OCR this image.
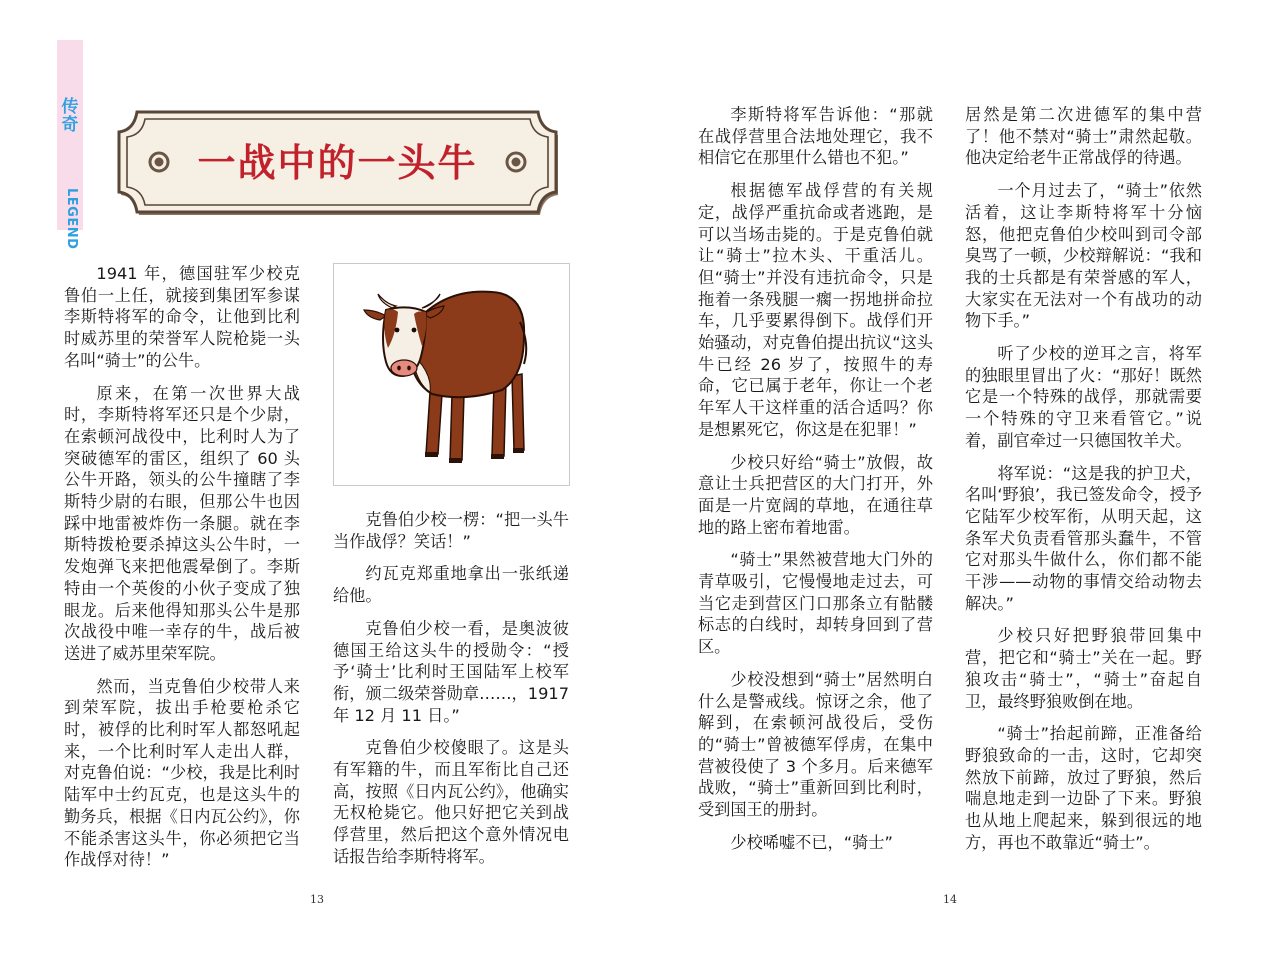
传奇
LEGEND
一战中的一头牛

1941 年，德国驻军少校克鲁伯一上任，就接到集团军参谋李斯特将军的命令，让他到比利时威苏里的荣誉军人院枪毙一头名叫“骑士”的公牛。

原来，在第一次世界大战时，李斯特将军还只是个少尉，在索顿河战役中，比利时人为了突破德军的雷区，组织了 60 头公牛开路，领头的公牛撞瞎了李斯特少尉的右眼，但那公牛也因踩中地雷被炸伤一条腿。就在李斯特拨枪要杀掉这头公牛时，一发炮弹飞来把他震晕倒了。李斯特由一个英俊的小伙子变成了独眼龙。后来他得知那头公牛是那次战役中唯一幸存的牛，战后被送进了威苏里荣军院。

然而，当克鲁伯少校带人来到荣军院，拔出手枪要枪杀它时，被俘的比利时军人都怒吼起来，一个比利时军人走出人群，对克鲁伯说：“少校，我是比利时陆军中士约瓦克，也是这头牛的勤务兵，根据《日内瓦公约》，你不能杀害这头牛，你必须把它当作战俘对待！”

克鲁伯少校一楞：“把一头牛当作战俘？笑话！”

约瓦克郑重地拿出一张纸递给他。

克鲁伯少校一看，是奥波彼德国王给这头牛的授勋令：“授予‘骑士’比利时王国陆军上校军衔，颁二级荣誉勋章……，1917 年 12 月 11 日。”

克鲁伯少校傻眼了。这是头有军籍的牛，而且军衔比自己还高，按照《日内瓦公约》，他确实无权枪毙它。他只好把它关到战俘营里，然后把这个意外情况电话报告给李斯特将军。

李斯特将军告诉他：“那就在战俘营里合法地处理它，我不相信它在那里什么错也不犯。”

根据德军战俘营的有关规定，战俘严重抗命或者逃跑，是可以当场击毙的。于是克鲁伯就让“骑士”拉木头、干重活儿。但“骑士”并没有违抗命令，只是拖着一条残腿一瘸一拐地拼命拉车，几乎要累得倒下。战俘们开始骚动，对克鲁伯提出抗议“这头牛已经 26 岁了，按照牛的寿命，它已属于老年，你让一个老年军人干这样重的活合适吗？你是想累死它，你这是在犯罪！”

少校只好给“骑士”放假，故意让士兵把营区的大门打开，外面是一片宽阔的草地，在通往草地的路上密布着地雷。

“骑士”果然被营地大门外的青草吸引，它慢慢地走过去，可当它走到营区门口那条立有骷髅标志的白线时，却转身回到了营区。

少校没想到“骑士”居然明白什么是警戒线。惊讶之余，他了解到，在索顿河战役后，受伤的“骑士”曾被德军俘虏，在集中营被役使了 3 个多月。后来德军战败，“骑士”重新回到比利时，受到国王的册封。

少校唏嘘不已，“骑士”

居然是第二次进德军的集中营了！他不禁对“骑士”肃然起敬。他决定给老牛正常战俘的待遇。

一个月过去了，“骑士”依然活着，这让李斯特将军十分恼怒，他把克鲁伯少校叫到司令部臭骂了一顿，少校辩解说：“我和我的士兵都是有荣誉感的军人，大家实在无法对一个有战功的动物下手。”

听了少校的逆耳之言，将军的独眼里冒出了火：“那好！既然它是一个特殊的战俘，那就需要一个特殊的守卫来看管它。”说着，副官牵过一只德国牧羊犬。

将军说：“这是我的护卫犬，名叫‘野狼’，我已签发命令，授予它陆军少校军衔，从明天起，这条军犬负责看管那头蠢牛，不管它对那头牛做什么，你们都不能干涉——动物的事情交给动物去解决。”

少校只好把野狼带回集中营，把它和“骑士”关在一起。野狼攻击“骑士”，“骑士”奋起自卫，最终野狼败倒在地。

“骑士”抬起前蹄，正准备给野狼致命的一击，这时，它却突然放下前蹄，放过了野狼，然后喘息地走到一边卧了下来。野狼也从地上爬起来，躲到很远的地方，再也不敢靠近“骑士”。

13	14
